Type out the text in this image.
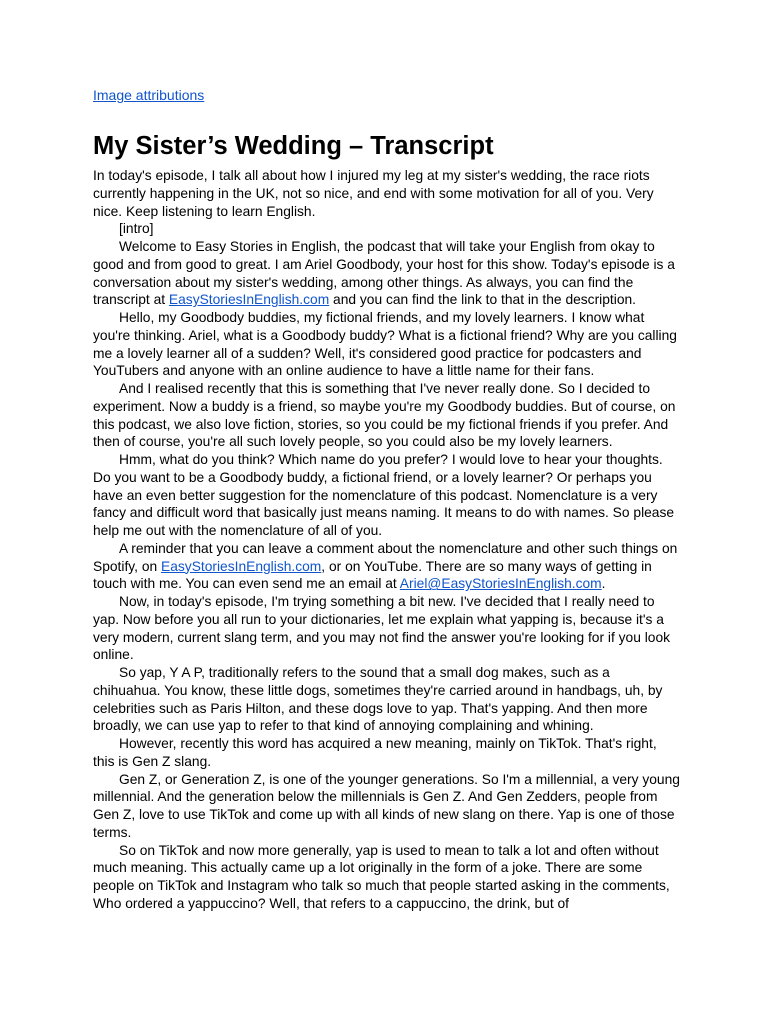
Image attributions

My Sister’s Wedding – Transcript

In today's episode, I talk all about how I injured my leg at my sister's wedding, the race riots currently happening in the UK, not so nice, and end with some motivation for all of you. Very nice. Keep listening to learn English.

[intro]

Welcome to Easy Stories in English, the podcast that will take your English from okay to good and from good to great. I am Ariel Goodbody, your host for this show. Today's episode is a conversation about my sister's wedding, among other things. As always, you can find the transcript at EasyStoriesInEnglish.com and you can find the link to that in the description.

Hello, my Goodbody buddies, my fictional friends, and my lovely learners. I know what you're thinking. Ariel, what is a Goodbody buddy? What is a fictional friend? Why are you calling me a lovely learner all of a sudden? Well, it's considered good practice for podcasters and YouTubers and anyone with an online audience to have a little name for their fans.

And I realised recently that this is something that I've never really done. So I decided to experiment. Now a buddy is a friend, so maybe you're my Goodbody buddies. But of course, on this podcast, we also love fiction, stories, so you could be my fictional friends if you prefer. And then of course, you're all such lovely people, so you could also be my lovely learners.

Hmm, what do you think? Which name do you prefer? I would love to hear your thoughts. Do you want to be a Goodbody buddy, a fictional friend, or a lovely learner? Or perhaps you have an even better suggestion for the nomenclature of this podcast. Nomenclature is a very fancy and difficult word that basically just means naming. It means to do with names. So please help me out with the nomenclature of all of you.

A reminder that you can leave a comment about the nomenclature and other such things on Spotify, on EasyStoriesInEnglish.com, or on YouTube. There are so many ways of getting in touch with me. You can even send me an email at Ariel@EasyStoriesInEnglish.com.

Now, in today's episode, I'm trying something a bit new. I've decided that I really need to yap. Now before you all run to your dictionaries, let me explain what yapping is, because it's a very modern, current slang term, and you may not find the answer you're looking for if you look online.

So yap, Y A P, traditionally refers to the sound that a small dog makes, such as a chihuahua. You know, these little dogs, sometimes they're carried around in handbags, uh, by celebrities such as Paris Hilton, and these dogs love to yap. That's yapping. And then more broadly, we can use yap to refer to that kind of annoying complaining and whining.

However, recently this word has acquired a new meaning, mainly on TikTok. That's right, this is Gen Z slang.

Gen Z, or Generation Z, is one of the younger generations. So I'm a millennial, a very young millennial. And the generation below the millennials is Gen Z. And Gen Zedders, people from Gen Z, love to use TikTok and come up with all kinds of new slang on there. Yap is one of those terms.

So on TikTok and now more generally, yap is used to mean to talk a lot and often without much meaning. This actually came up a lot originally in the form of a joke. There are some people on TikTok and Instagram who talk so much that people started asking in the comments, Who ordered a yappuccino? Well, that refers to a cappuccino, the drink, but of
